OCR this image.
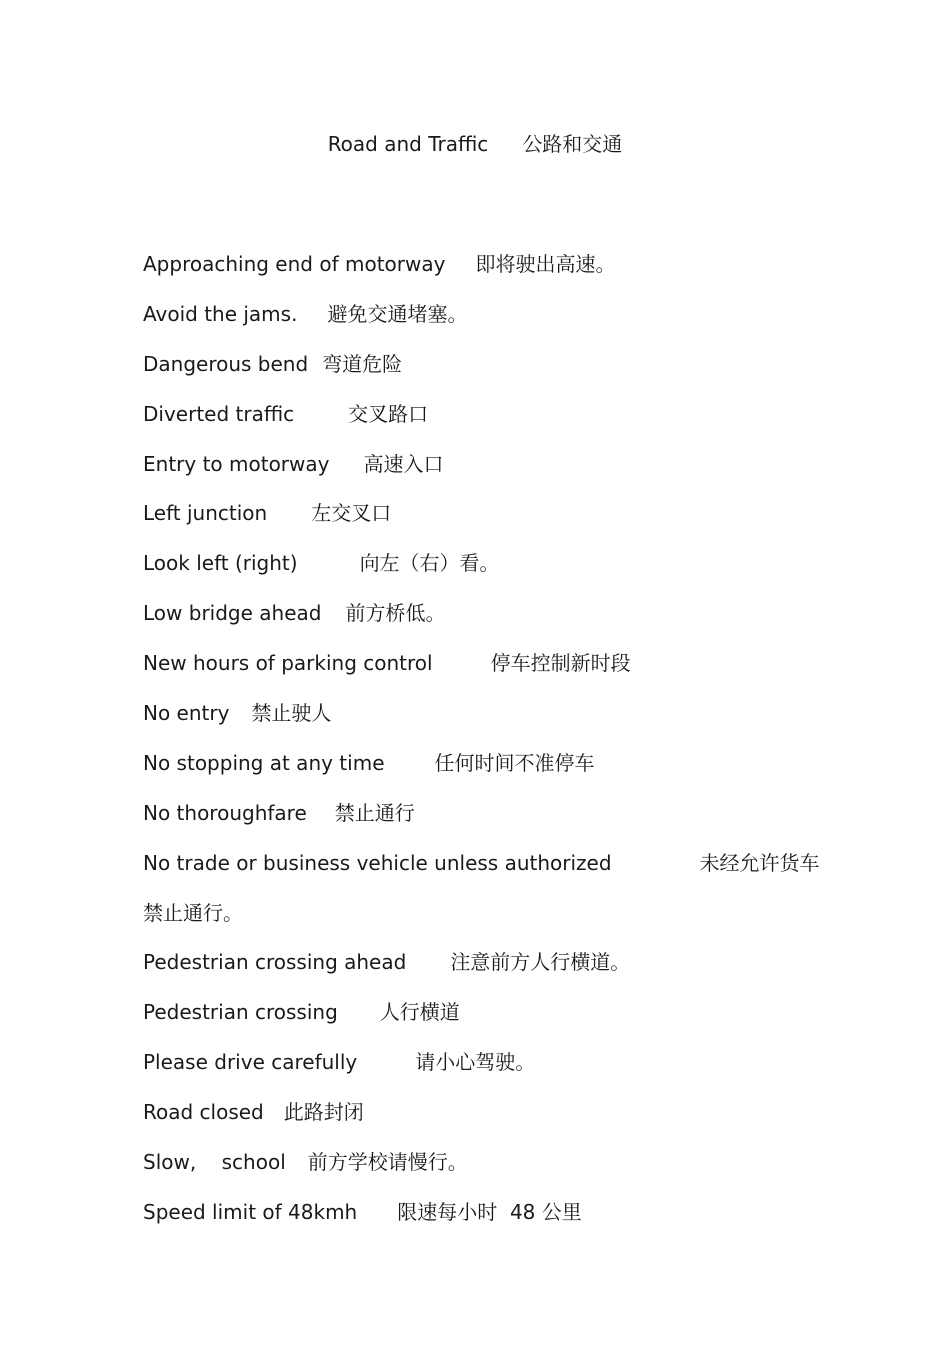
Road and Traffic 公路和交通
Approaching end of motorway 即将驶出高速。
Avoid the jams. 避免交通堵塞。
Dangerous bend 弯道危险
Diverted traffic	交叉路口
Entry to motorway 高速入口
Left junction 左交叉口
Look left (right)	向左（右）看。
Low bridge ahead 前方桥低。
New hours of parking control	停车控制新时段
No entry 禁止驶人
No stopping at any time	任何时间不准停车
No thoroughfare 禁止通行
No trade or business vehicle unless authorized	未经允许货车
禁止通行。
Pedestrian crossing ahead 注意前方人行横道。
Pedestrian crossing 人行横道
Please drive carefully	请小心驾驶。
Road closed 此路封闭
Slow,    school 前方学校请慢行。
Speed limit of 48kmh 限速每小时  48 公里
